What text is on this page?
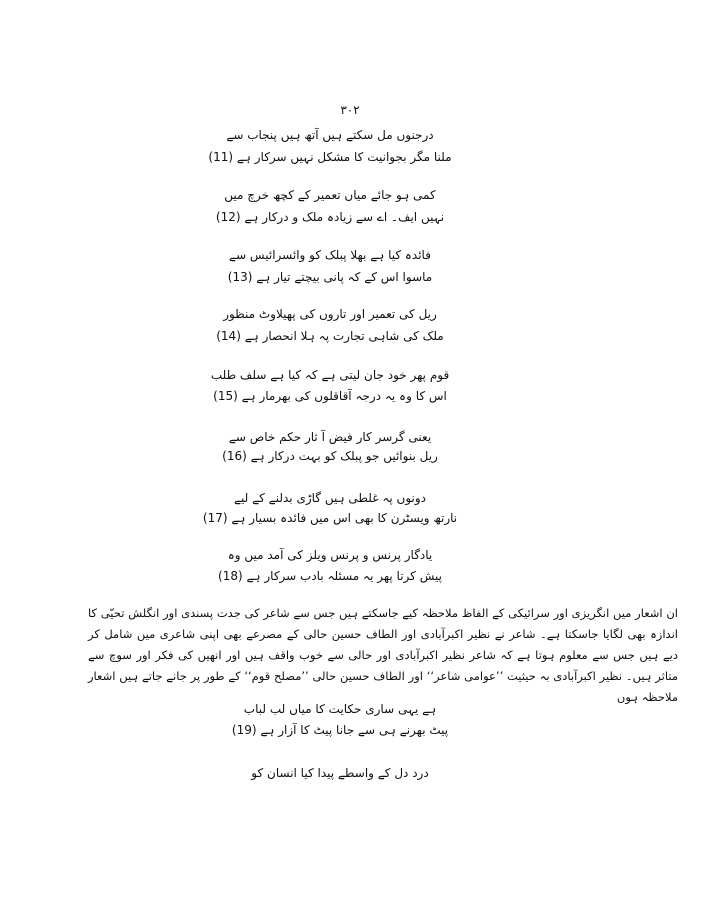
۳۰۲
درجنوں مل سکتے ہیں آتھ ہیں پنجاب سے
ملنا مگر بجوانیت کا مشکل نہیں سرکار ہے (11)
کمی ہو جائے میاں تعمیر کے کچھ خرچ میں
نہیں ایف۔ اے سے زیادہ ملک و درکار ہے (12)
فائدہ کیا ہے بھلا پبلک کو وائسرائیس سے
ماسوا اس کے کہ پانی بیچتے تیار ہے (13)
ریل کی تعمیر اور تاروں کی پھیلاوٹ منظور
ملک کی شاہی تجارت پہ ہلا انحصار ہے (14)
قوم پھر خود جان لیتی ہے کہ کیا ہے سلف طلب
اس کا وہ یہ درجہ آقاقلوں کی بھرمار ہے (15)
یعنی گرسر کار فیض آ ثار حکم خاص سے
ریل بنوائیں جو پبلک کو بہت درکار ہے (16)
دونوں پہ غلطی ہیں گاڑی بدلنے کے لیے
نارتھ ویسٹرن کا بھی اس میں فائدہ بسیار ہے (17)
یادگار پرنس و پرنس ویلز کی آمد میں وہ
پیش کرتا پھر یہ مسئلہ بادب سرکار ہے (18)
ان اشعار میں انگریزی اور سرائیکی کے الفاظ ملاحظہ کیے جاسکتے ہیں جس سے شاعر کی جدت پسندی اور انگلش تحیّی کا اندازہ بھی لگایا جاسکتا ہے۔ شاعر نے نظیر اکبرآبادی اور الطاف حسین حالی کے مصرعے بھی اپنی شاعری میں شامل کر دیے ہیں جس سے معلوم ہوتا ہے کہ شاعر نظیر اکبرآبادی اور حالی سے خوب واقف ہیں اور انھیں کی فکر اور سوچ سے متاثر ہیں۔ نظیر اکبرآبادی بہ حیثیت ’’عوامی شاعر‘‘ اور الطاف حسین حالی ’’مصلح قوم‘‘ کے طور پر جانے جاتے ہیں اشعار ملاحظہ ہوں
ہے یہی ساری حکایت کا میاں لب لباب
پیٹ بھرنے ہی سے جانا پیٹ کا آزار ہے (19)
درد دل کے واسطے پیدا کیا انسان کو
